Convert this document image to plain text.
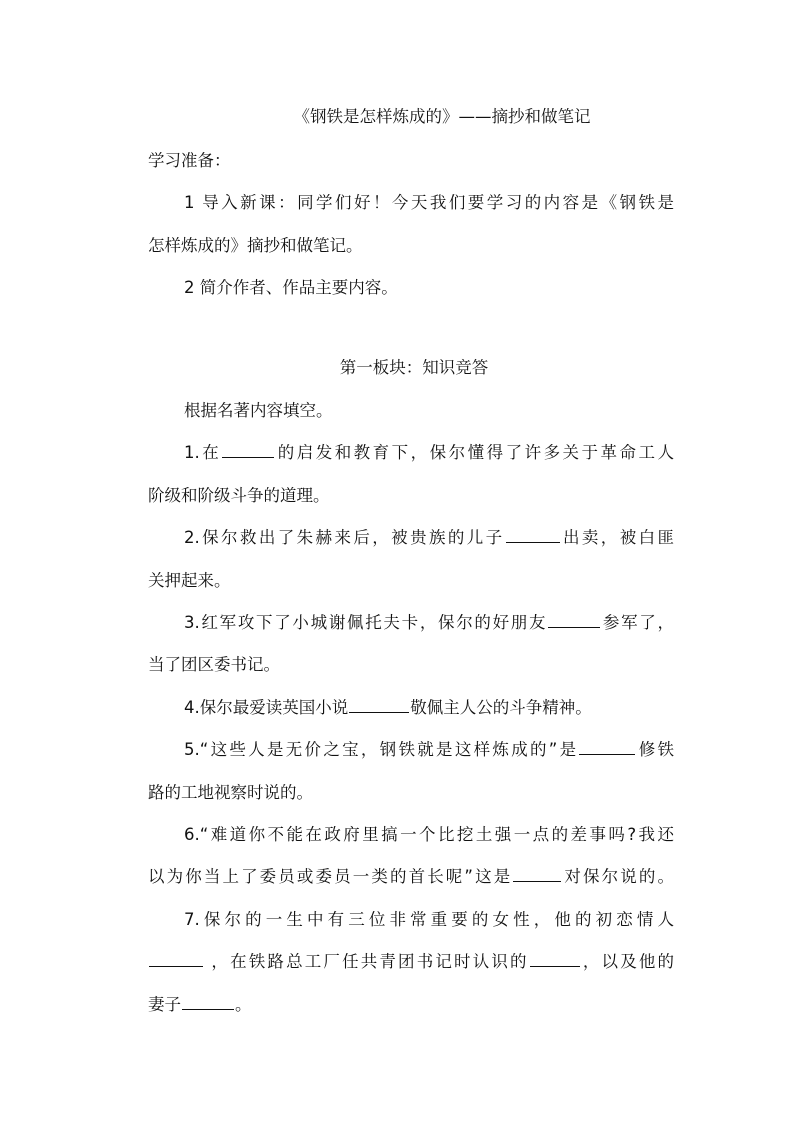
《钢铁是怎样炼成的》——摘抄和做笔记

学习准备：

1 导入新课：同学们好！今天我们要学习的内容是《钢铁是

怎样炼成的》摘抄和做笔记。

2 简介作者、作品主要内容。

第一板块：知识竞答

根据名著内容填空。

1.在	的启发和教育下，保尔懂得了许多关于革命工人

阶级和阶级斗争的道理。

2.保尔救出了朱赫来后，被贵族的儿子	出卖，被白匪

关押起来。

3.红军攻下了小城谢佩托夫卡，保尔的好朋友	参军了，

当了团区委书记。

4.保尔最爱读英国小说	敬佩主人公的斗争精神。

5.“这些人是无价之宝，钢铁就是这样炼成的”是	修铁

路的工地视察时说的。

6.“难道你不能在政府里搞一个比挖土强一点的差事吗?我还

以为你当上了委员或委员一类的首长呢”这是	对保尔说的。

7.保尔的一生中有三位非常重要的女性，他的初恋情人

，在铁路总工厂任共青团书记时认识的	，以及他的

妻子	。
